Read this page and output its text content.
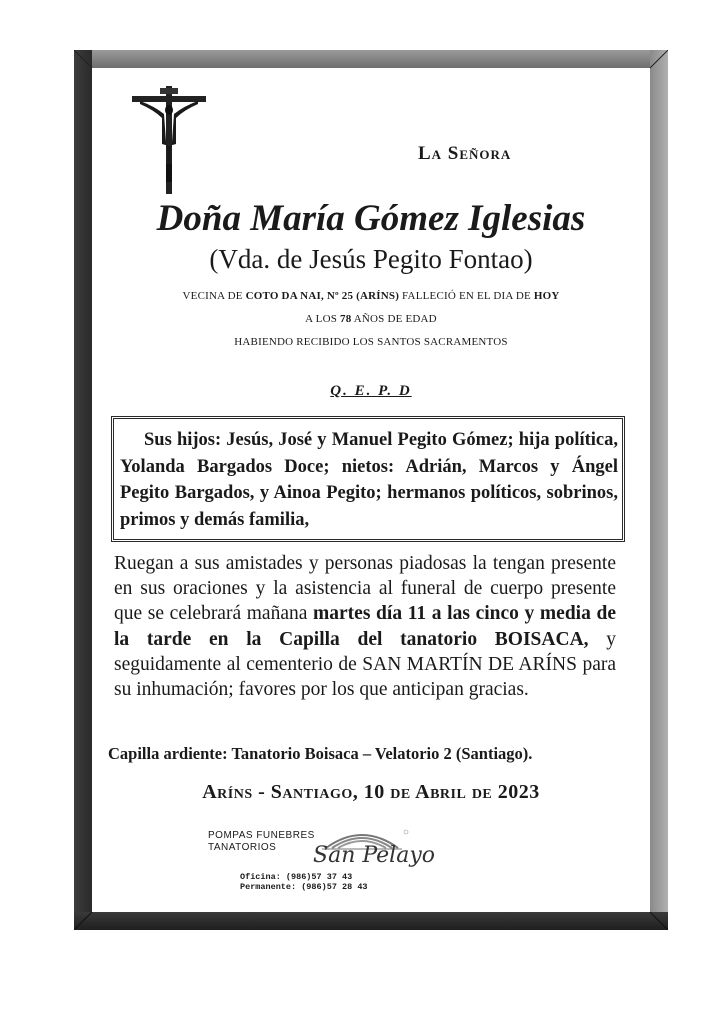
La Señora
Doña María Gómez Iglesias
(Vda. de Jesús Pegito Fontao)
VECINA DE COTO DA NAI, Nº 25 (ARÍNS) FALLECIÓ EN EL DIA DE HOY
A LOS 78 AÑOS DE EDAD
HABIENDO RECIBIDO LOS SANTOS SACRAMENTOS
Q. E. P. D
Sus hijos: Jesús, José y Manuel Pegito Gómez; hija política, Yolanda Bargados Doce; nietos: Adrián, Marcos y Ángel Pegito Bargados, y Ainoa Pegito; hermanos políticos, sobrinos, primos y demás familia,
Ruegan a sus amistades y personas piadosas la tengan presente en sus oraciones y la asistencia al funeral de cuerpo presente que se celebrará mañana martes día 11 a las cinco y media de la tarde en la Capilla del tanatorio BOISACA, y seguidamente al cementerio de SAN MARTÍN DE ARÍNS para su inhumación; favores por los que anticipan gracias.
Capilla ardiente: Tanatorio Boisaca – Velatorio 2 (Santiago).
Aríns - Santiago, 10 de Abril de 2023
POMPAS FUNEBRES
TANATORIOS	San Pelayo
Oficina: (986)57 37 43
Permanente: (986)57 28 43
